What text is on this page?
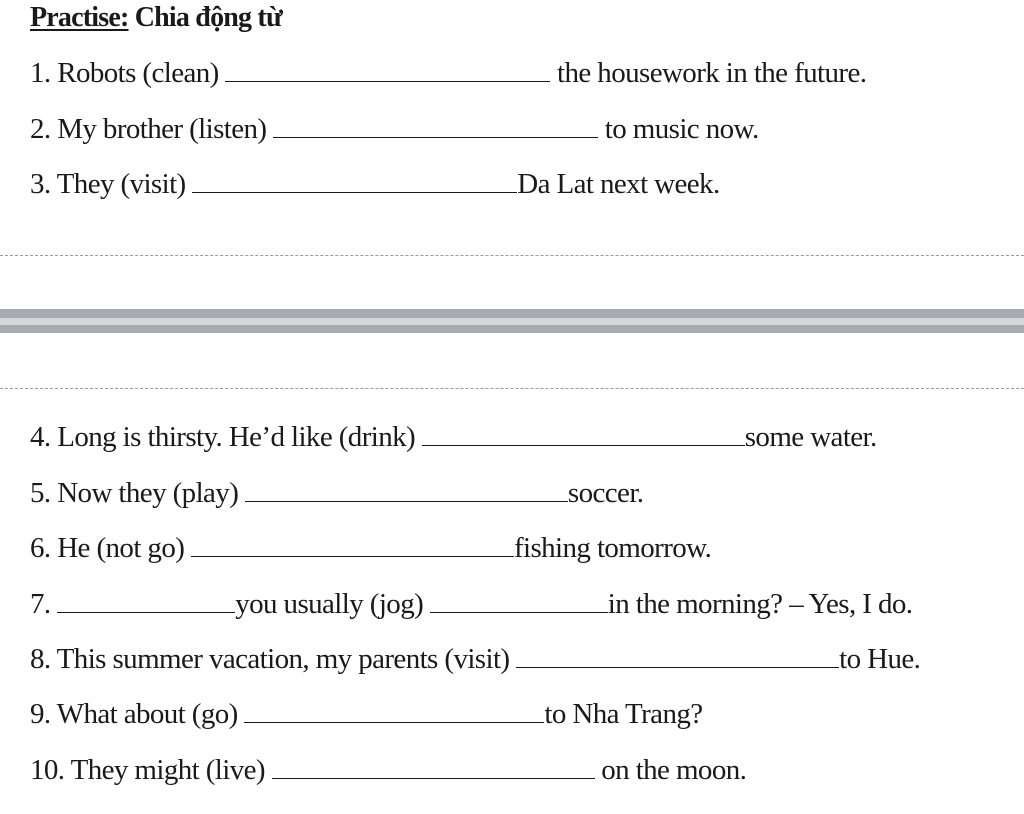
Practise: Chia động từ
1. Robots (clean)	the housework in the future.
2. My brother (listen)	to music now.
3. They (visit)	Da Lat next week.
4. Long is thirsty. He’d like (drink)	some water.
5. Now they (play)	soccer.
6. He (not go)	fishing tomorrow.
7.	you usually (jog)	in the morning? – Yes, I do.
8. This summer vacation, my parents (visit)	to Hue.
9. What about (go)	to Nha Trang?
10. They might (live)	on the moon.
